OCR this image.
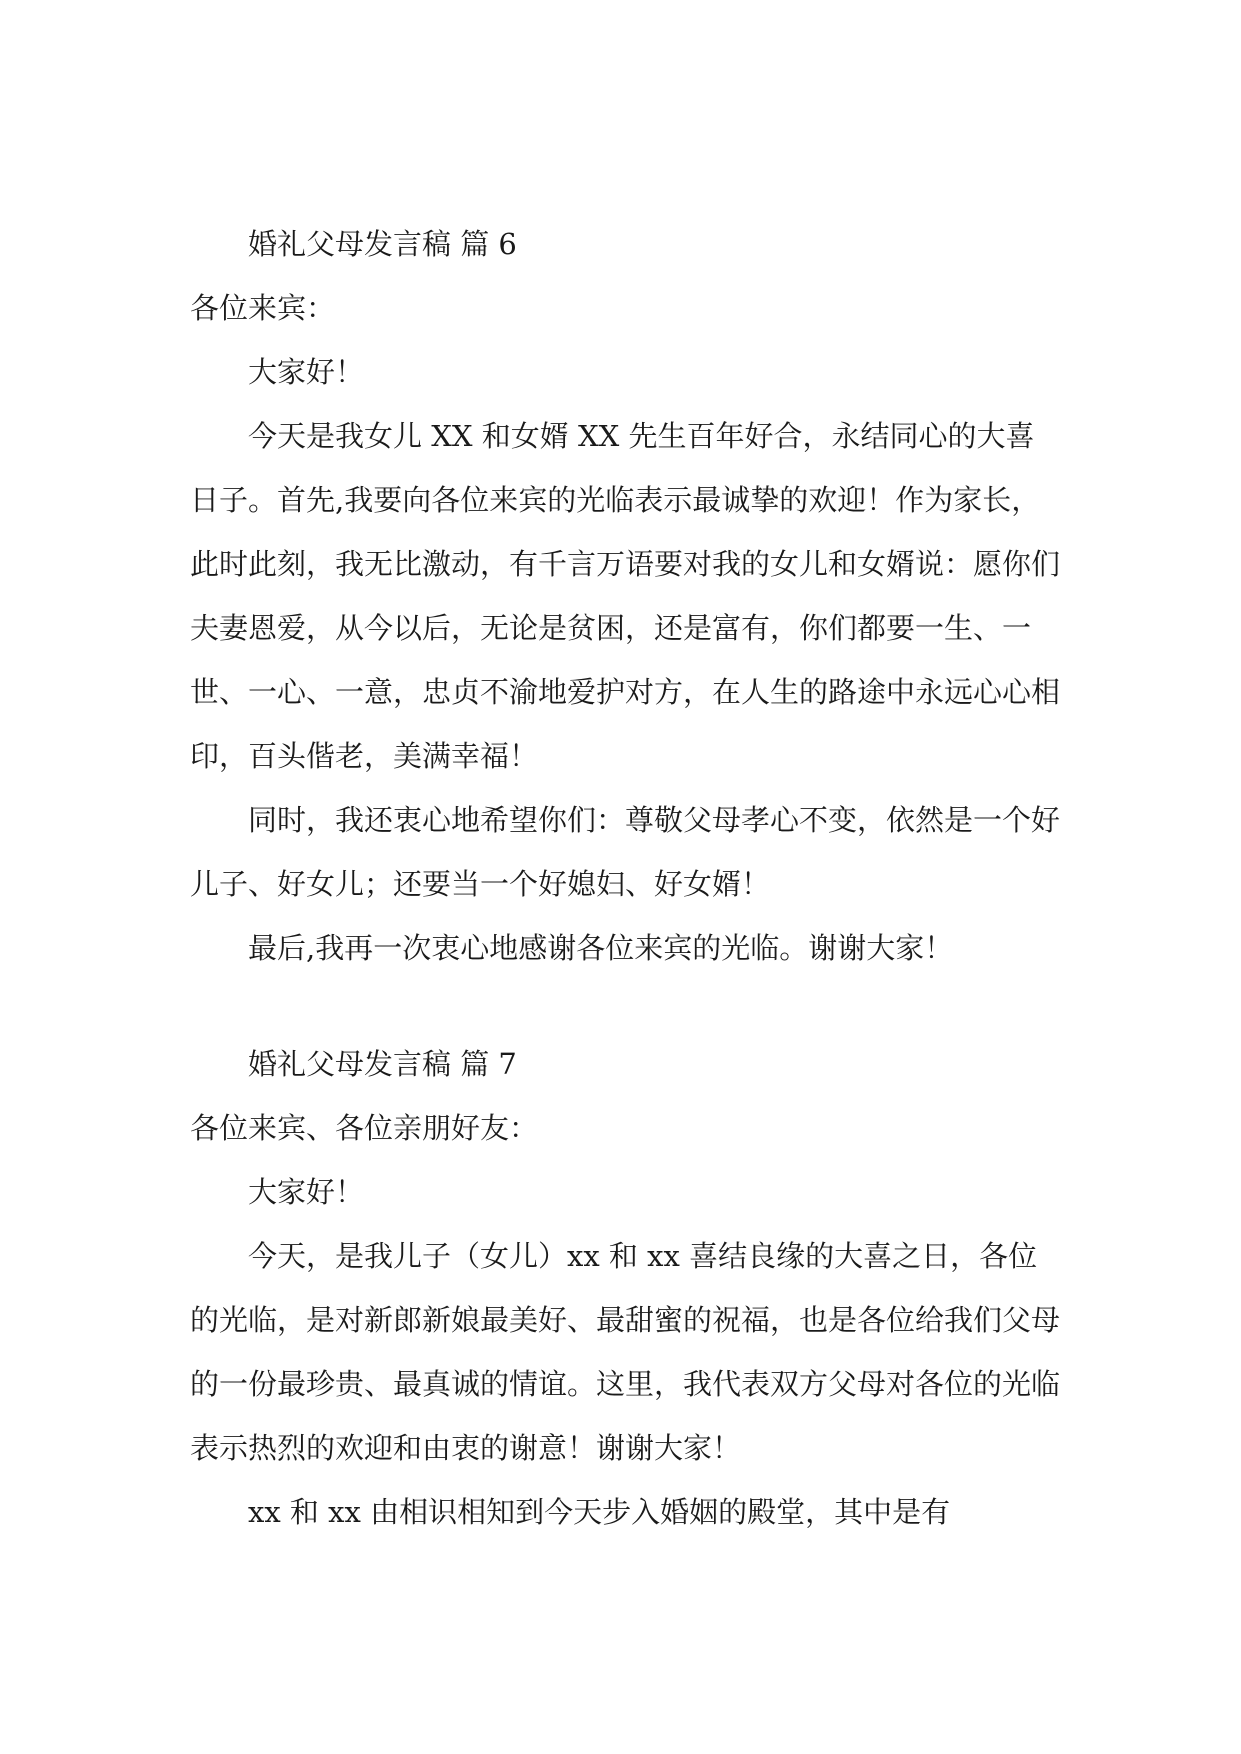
婚礼父母发言稿 篇 6

各位来宾：

大家好！

今天是我女儿 XX 和女婿 XX 先生百年好合，永结同心的大喜日子。首先,我要向各位来宾的光临表示最诚挚的欢迎！作为家长，此时此刻，我无比激动，有千言万语要对我的女儿和女婿说：愿你们夫妻恩爱，从今以后，无论是贫困，还是富有，你们都要一生、一世、一心、一意，忠贞不渝地爱护对方，在人生的路途中永远心心相印，百头偕老，美满幸福！

同时，我还衷心地希望你们：尊敬父母孝心不变，依然是一个好儿子、好女儿；还要当一个好媳妇、好女婿！

最后,我再一次衷心地感谢各位来宾的光临。谢谢大家！

婚礼父母发言稿 篇 7

各位来宾、各位亲朋好友：

大家好！

今天，是我儿子（女儿）xx 和 xx 喜结良缘的大喜之日，各位的光临，是对新郎新娘最美好、最甜蜜的祝福，也是各位给我们父母的一份最珍贵、最真诚的情谊。这里，我代表双方父母对各位的光临表示热烈的欢迎和由衷的谢意！谢谢大家！

xx 和 xx 由相识相知到今天步入婚姻的殿堂，其中是有
